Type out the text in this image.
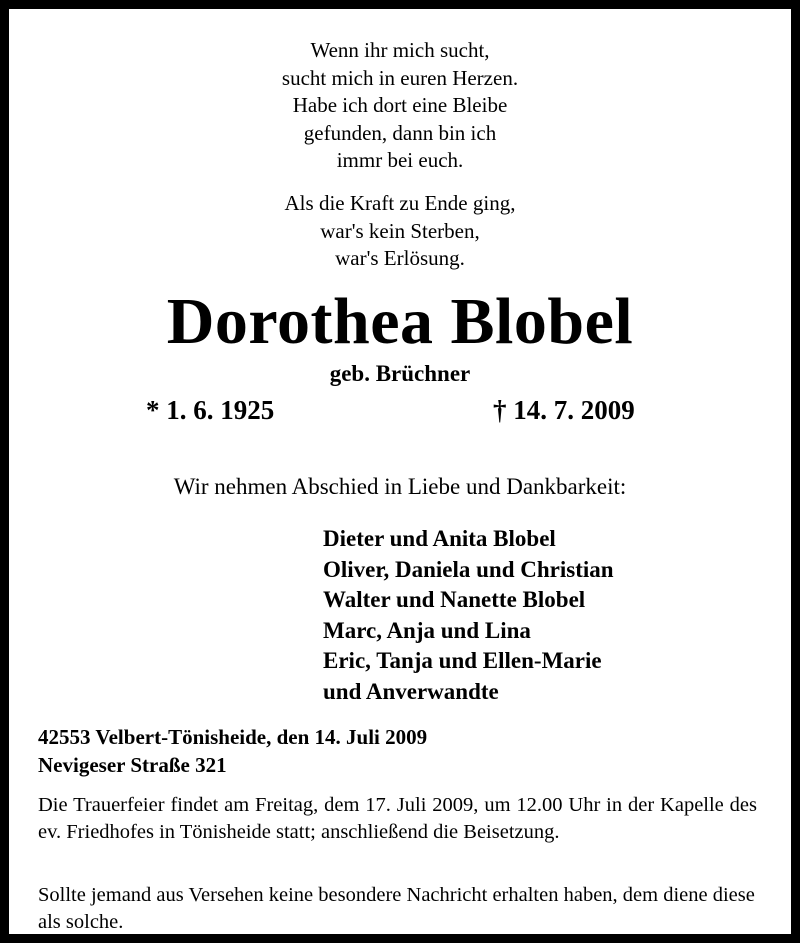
Wenn ihr mich sucht,
sucht mich in euren Herzen.
Habe ich dort eine Bleibe
gefunden, dann bin ich
immr bei euch.
Als die Kraft zu Ende ging,
war's kein Sterben,
war's Erlösung.
Dorothea Blobel
geb. Brüchner
* 1. 6. 1925	† 14. 7. 2009
Wir nehmen Abschied in Liebe und Dankbarkeit:
Dieter und Anita Blobel
Oliver, Daniela und Christian
Walter und Nanette Blobel
Marc, Anja und Lina
Eric, Tanja und Ellen-Marie
und Anverwandte
42553 Velbert-Tönisheide, den 14. Juli 2009
Nevigeser Straße 321
Die Trauerfeier findet am Freitag, dem 17. Juli 2009, um 12.00 Uhr in der Kapelle des ev. Friedhofes in Tönisheide statt; anschließend die Beisetzung.
Sollte jemand aus Versehen keine besondere Nachricht erhalten haben, dem diene diese als solche.
